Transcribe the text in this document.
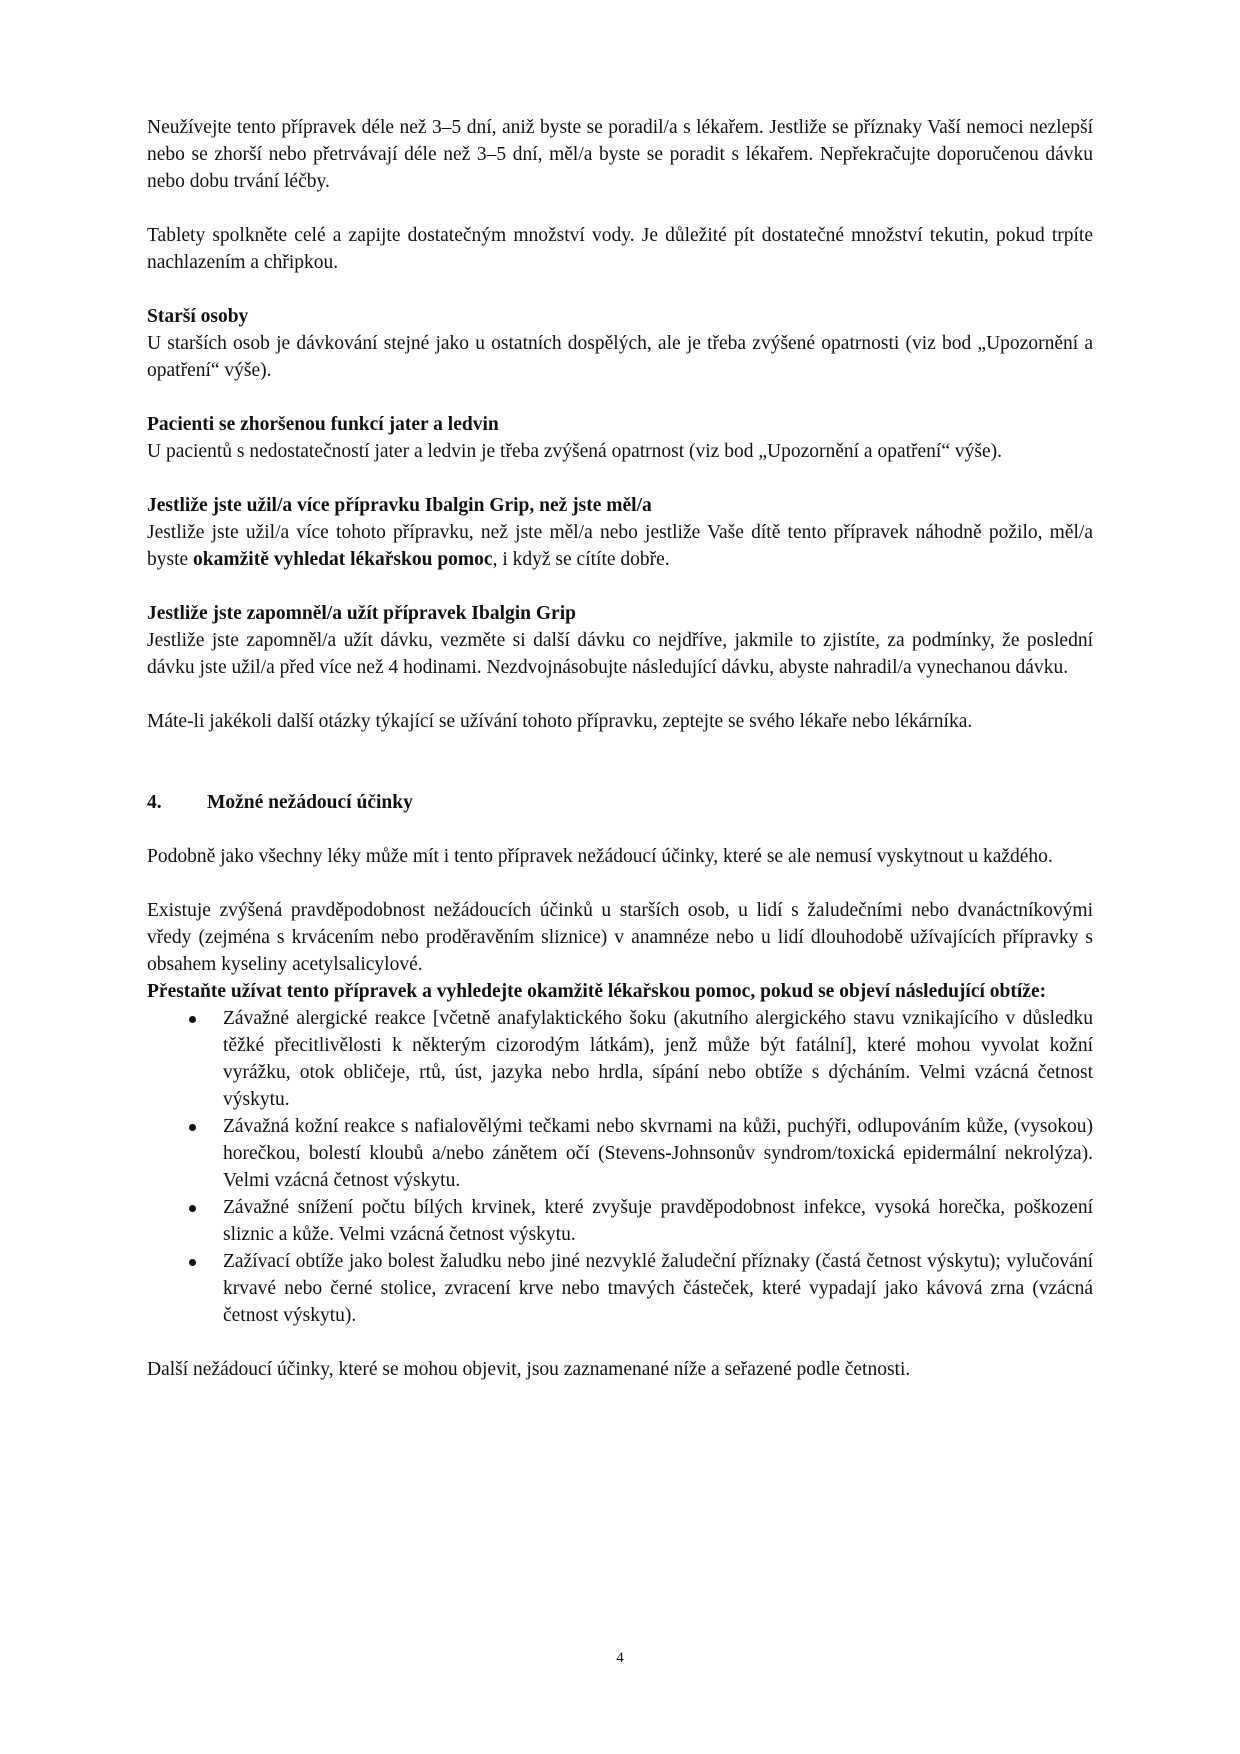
Neužívejte tento přípravek déle než 3–5 dní, aniž byste se poradil/a s lékařem. Jestliže se příznaky Vaší nemoci nezlepší nebo se zhorší nebo přetrvávají déle než 3–5 dní, měl/a byste se poradit s lékařem. Nepřekračujte doporučenou dávku nebo dobu trvání léčby.

Tablety spolkněte celé a zapijte dostatečným množství vody. Je důležité pít dostatečné množství tekutin, pokud trpíte nachlazením a chřipkou.

Starší osoby

U starších osob je dávkování stejné jako u ostatních dospělých, ale je třeba zvýšené opatrnosti (viz bod „Upozornění a opatření“ výše).

Pacienti se zhoršenou funkcí jater a ledvin

U pacientů s nedostatečností jater a ledvin je třeba zvýšená opatrnost (viz bod „Upozornění a opatření“ výše).

Jestliže jste užil/a více přípravku Ibalgin Grip, než jste měl/a

Jestliže jste užil/a více tohoto přípravku, než jste měl/a nebo jestliže Vaše dítě tento přípravek náhodně požilo, měl/a byste okamžitě vyhledat lékařskou pomoc, i když se cítíte dobře.

Jestliže jste zapomněl/a užít přípravek Ibalgin Grip

Jestliže jste zapomněl/a užít dávku, vezměte si další dávku co nejdříve, jakmile to zjistíte, za podmínky, že poslední dávku jste užil/a před více než 4 hodinami. Nezdvojnásobujte následující dávku, abyste nahradil/a vynechanou dávku.

Máte-li jakékoli další otázky týkající se užívání tohoto přípravku, zeptejte se svého lékaře nebo lékárníka.

4.	Možné nežádoucí účinky

Podobně jako všechny léky může mít i tento přípravek nežádoucí účinky, které se ale nemusí vyskytnout u každého.

Existuje zvýšená pravděpodobnost nežádoucích účinků u starších osob, u lidí s žaludečními nebo dvanáctníkovými vředy (zejména s krvácením nebo proděravěním sliznice) v anamnéze nebo u lidí dlouhodobě užívajících přípravky s obsahem kyseliny acetylsalicylové.

Přestaňte užívat tento přípravek a vyhledejte okamžitě lékařskou pomoc, pokud se objeví následující obtíže:

Závažné alergické reakce [včetně anafylaktického šoku (akutního alergického stavu vznikajícího v důsledku těžké přecitlivělosti k některým cizorodým látkám), jenž může být fatální], které mohou vyvolat kožní vyrážku, otok obličeje, rtů, úst, jazyka nebo hrdla, sípání nebo obtíže s dýcháním. Velmi vzácná četnost výskytu.
Závažná kožní reakce s nafialovělými tečkami nebo skvrnami na kůži, puchýři, odlupováním kůže, (vysokou) horečkou, bolestí kloubů a/nebo zánětem očí (Stevens-Johnsonův syndrom/toxická epidermální nekrolýza). Velmi vzácná četnost výskytu.
Závažné snížení počtu bílých krvinek, které zvyšuje pravděpodobnost infekce, vysoká horečka, poškození sliznic a kůže. Velmi vzácná četnost výskytu.
Zažívací obtíže jako bolest žaludku nebo jiné nezvyklé žaludeční příznaky (častá četnost výskytu); vylučování krvavé nebo černé stolice, zvracení krve nebo tmavých částeček, které vypadají jako kávová zrna (vzácná četnost výskytu).

Další nežádoucí účinky, které se mohou objevit, jsou zaznamenané níže a seřazené podle četnosti.

4
